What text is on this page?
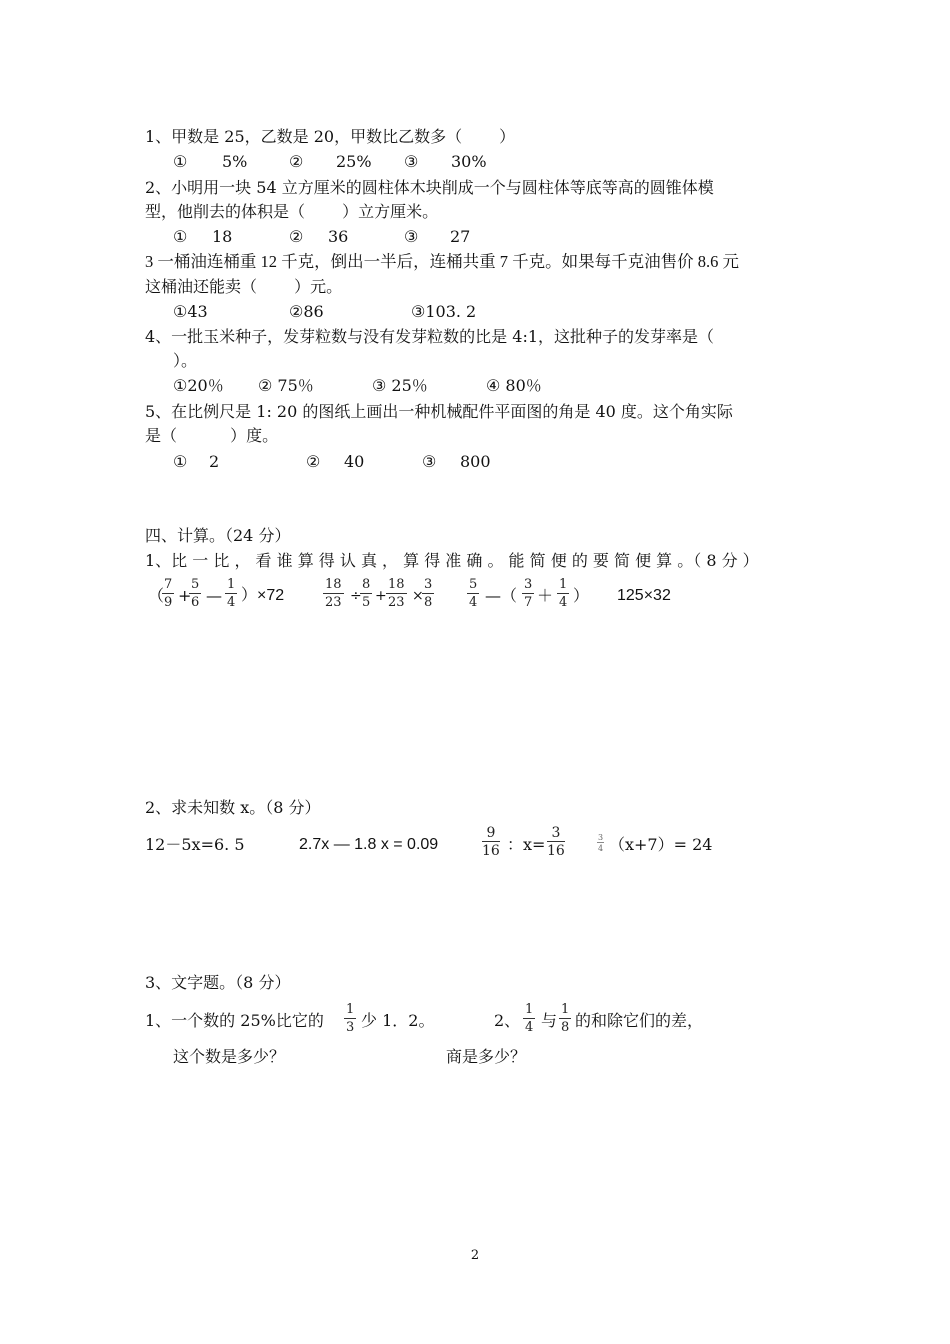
1、甲数是 25，乙数是 20，甲数比乙数多（　　 ）
① 5%	② 25% ③ 30%
2、小明用一块 54 立方厘米的圆柱体木块削成一个与圆柱体等底等高的圆锥体模
型，他削去的体积是（　　 ）立方厘米。
① 18	② 36	③ 27
3 一桶油连桶重 12 千克，倒出一半后，连桶共重 7 千克。如果每千克油售价 8.6 元
这桶油还能卖（　　 ）元。
①43	②86	③103. 2
4、一批玉米种子，发芽粒数与没有发芽粒数的比是 4:1，这批种子的发芽率是（
）。
①20％ ② 75％	③ 25％	④ 80％
5、在比例尺是 1: 20 的图纸上画出一种机械配件平面图的角是 40 度。这个角实际
是（　　　 ）度。
① 2	② 40	③ 800
四、计算。（24 分）
1、比 一 比 ， 看 谁 算 得 认 真 ， 算 得 准 确 。 能 简 便 的 要 简 便 算 。（ 8 分 ）
（
$\frac{7}{9}$ +
$\frac{5}{6}$ — $\frac{1}{4} )\times 72$	$\frac{18}{23}$ ÷
$\frac{8}{5} + \frac{18}{23}$ ×
$\frac{3}{8}$	$\frac{5}{4}$ —（ $\frac{3}{7} + \frac{1}{4}$ ） 125×32
2、求未知数 x。（8 分）
12－5x=6. 5	2.7x — 1.8 x = 0.09	$\frac{9}{16}$ ：$x= \frac{3}{16}$	$\frac{3}{4} (x+7)= 24$
3、文字题。（8 分）
1、一个数的 25%比它的 $\frac{1}{3}$ 少 1．2。
这个数是多少？
2、 $\frac{1}{4}$ 与 $\frac{1}{8}$ 的和除它们的差，
商是多少？
2
